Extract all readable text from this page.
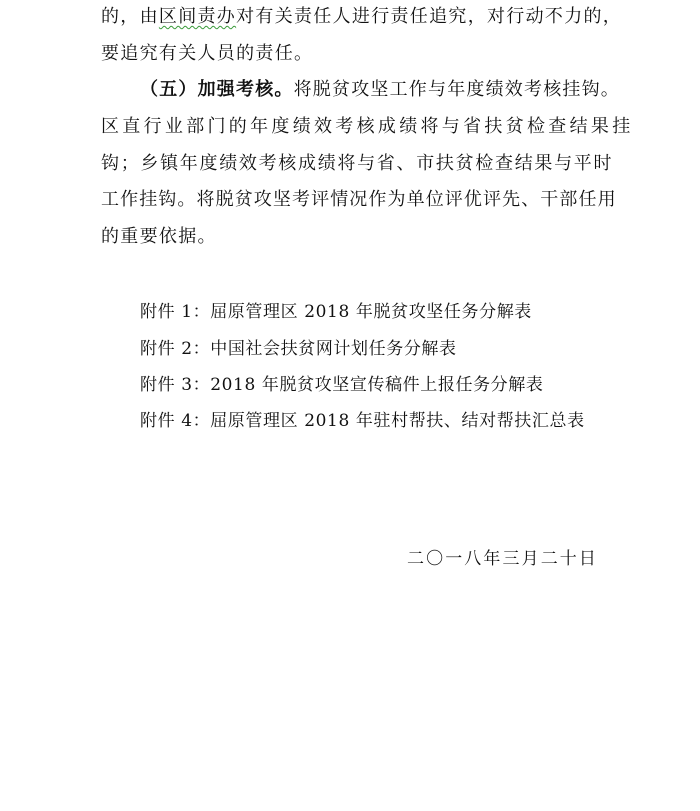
的，由区间责办对有关责任人进行责任追究，对行动不力的，
要追究有关人员的责任。
（五）加强考核。将脱贫攻坚工作与年度绩效考核挂钩。
区直行业部门的年度绩效考核成绩将与省扶贫检查结果挂
钩；乡镇年度绩效考核成绩将与省、市扶贫检查结果与平时
工作挂钩。将脱贫攻坚考评情况作为单位评优评先、干部任用
的重要依据。
附件 1：屈原管理区 2018 年脱贫攻坚任务分解表
附件 2：中国社会扶贫网计划任务分解表
附件 3：2018 年脱贫攻坚宣传稿件上报任务分解表
附件 4：屈原管理区 2018 年驻村帮扶、结对帮扶汇总表
二〇一八年三月二十日
